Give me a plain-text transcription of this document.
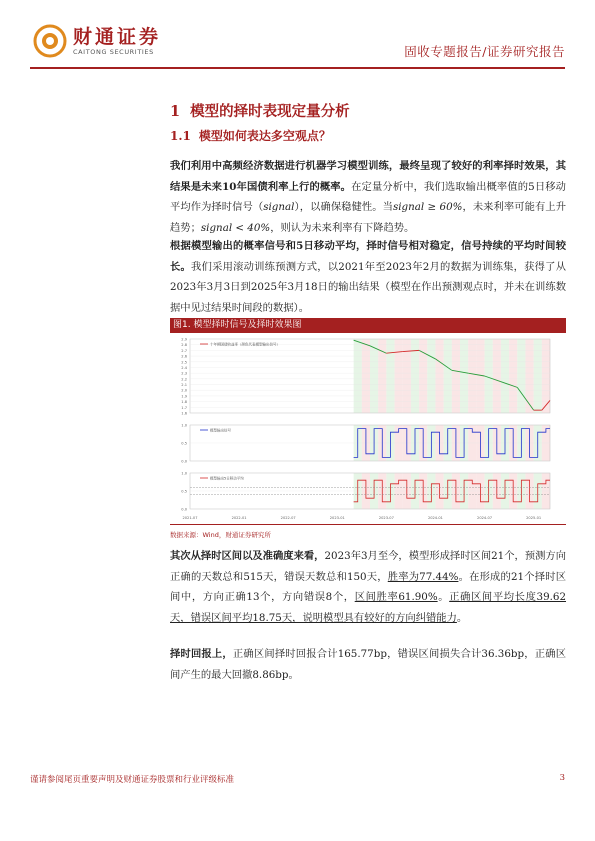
财通证券
CAITONG SECURITIES	固收专题报告/证券研究报告
1 模型的择时表现定量分析
1.1 模型如何表达多空观点？
我们利用中高频经济数据进行机器学习模型训练，最终呈现了较好的利率择时效果，其结果是未来10年国债利率上行的概率。在定量分析中，我们选取输出概率值的5日移动平均作为择时信号（signal），以确保稳健性。当signal ≥ 60%，未来利率可能有上升趋势；signal < 40%，则认为未来利率有下降趋势。
根据模型输出的概率信号和5日移动平均，择时信号相对稳定，信号持续的平均时间较长。我们采用滚动训练预测方式，以2021年至2023年2月的数据为训练集，获得了从2023年3月3日到2025年3月18日的输出结果（模型在作出预测观点时，并未在训练数据中见过结果时间段的数据）。
图1. 模型择时信号及择时效果图
2.9
2.8
2.7
2.6
2.5
2.4
2.3
2.2
2.1
2.0
1.9
1.8
1.7
1.6
十年期国债收益率（颜色代表模型输出信号）
1.0
0.5
0.0
模型输出信号
1.0
0.5
0.0
模型输出5日移动平均
2021-07	2022-01	2022-07	2023-01	2023-07	2024-01	2024-07	2025-01
数据来源：Wind，财通证券研究所
其次从择时区间以及准确度来看，2023年3月至今，模型形成择时区间21个，预测方向正确的天数总和515天，错误天数总和150天，胜率为77.44%。在形成的21个择时区间中，方向正确13个，方向错误8个，区间胜率61.90%。正确区间平均长度39.62天，错误区间平均18.75天，说明模型具有较好的方向纠错能力。
择时回报上，正确区间择时回报合计165.77bp，错误区间损失合计36.36bp，正确区间产生的最大回撤8.86bp。
谨请参阅尾页重要声明及财通证券股票和行业评级标准	3
